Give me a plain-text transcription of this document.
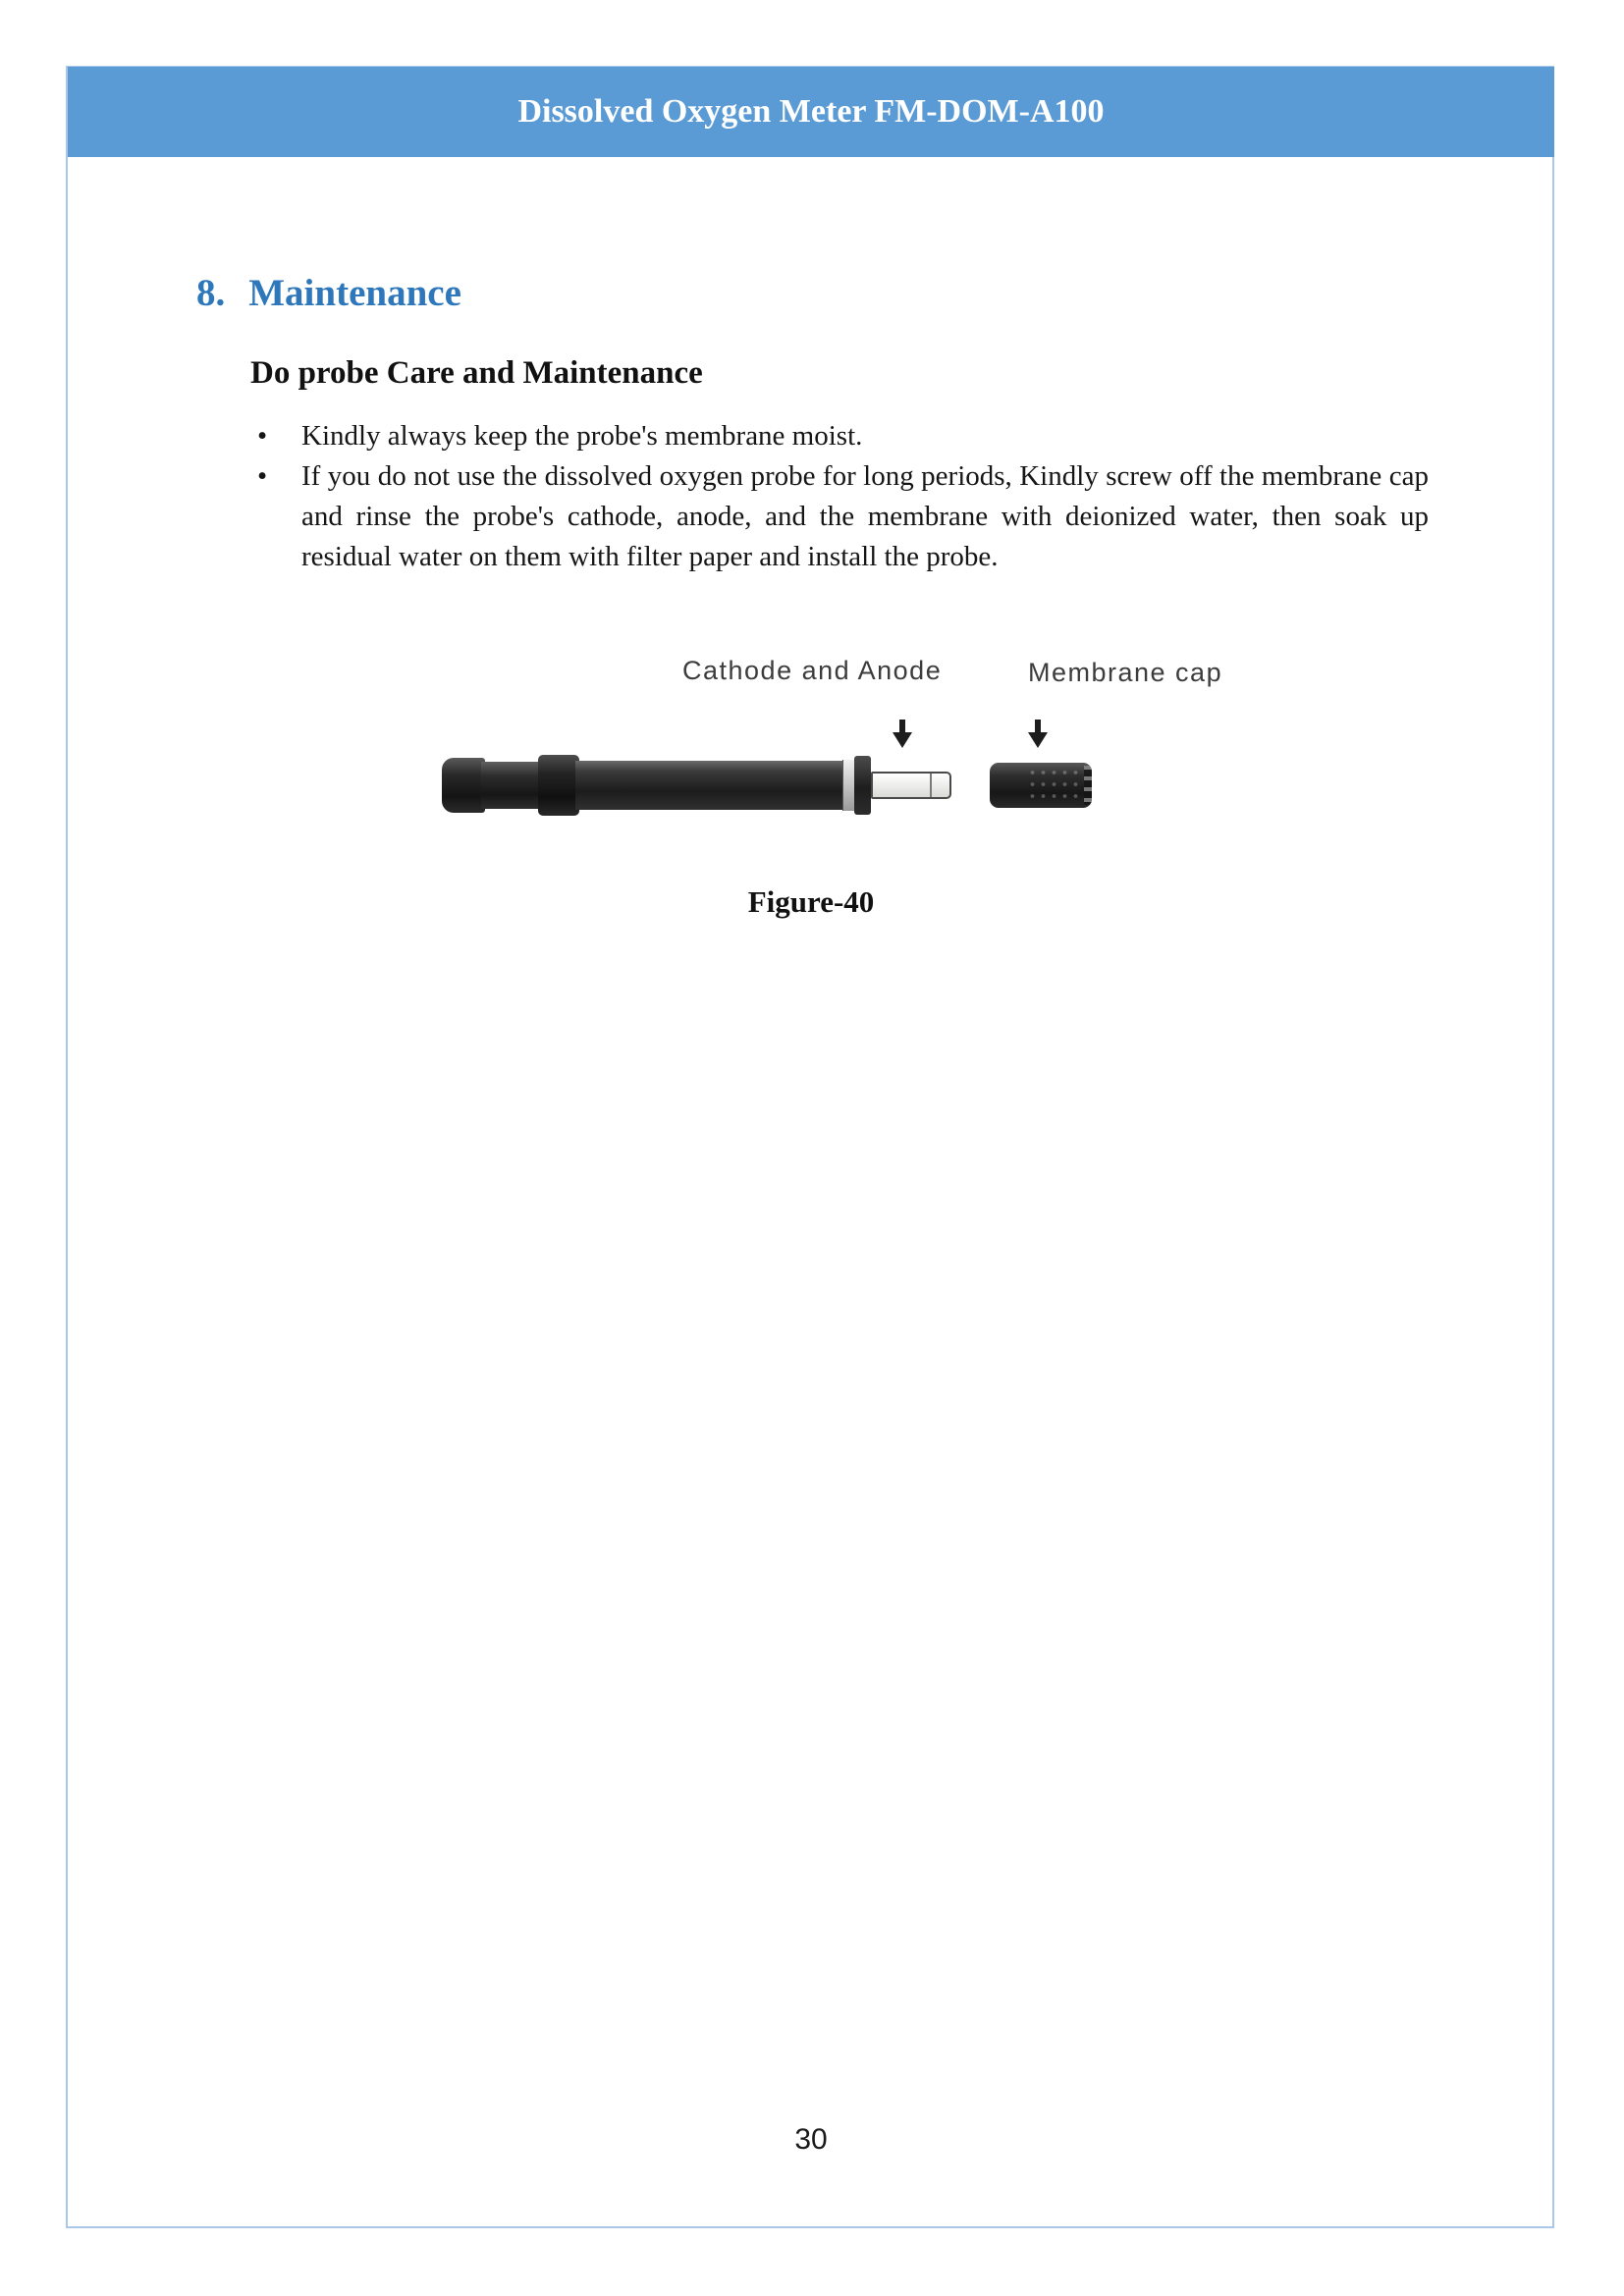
Dissolved Oxygen Meter FM-DOM-A100
8. Maintenance
Do probe Care and Maintenance
• Kindly always keep the probe's membrane moist.
• If you do not use the dissolved oxygen probe for long periods, Kindly screw off the membrane cap and rinse the probe's cathode, anode, and the membrane with deionized water, then soak up residual water on them with filter paper and install the probe.
Cathode and Anode	Membrane cap
Figure-40
30
